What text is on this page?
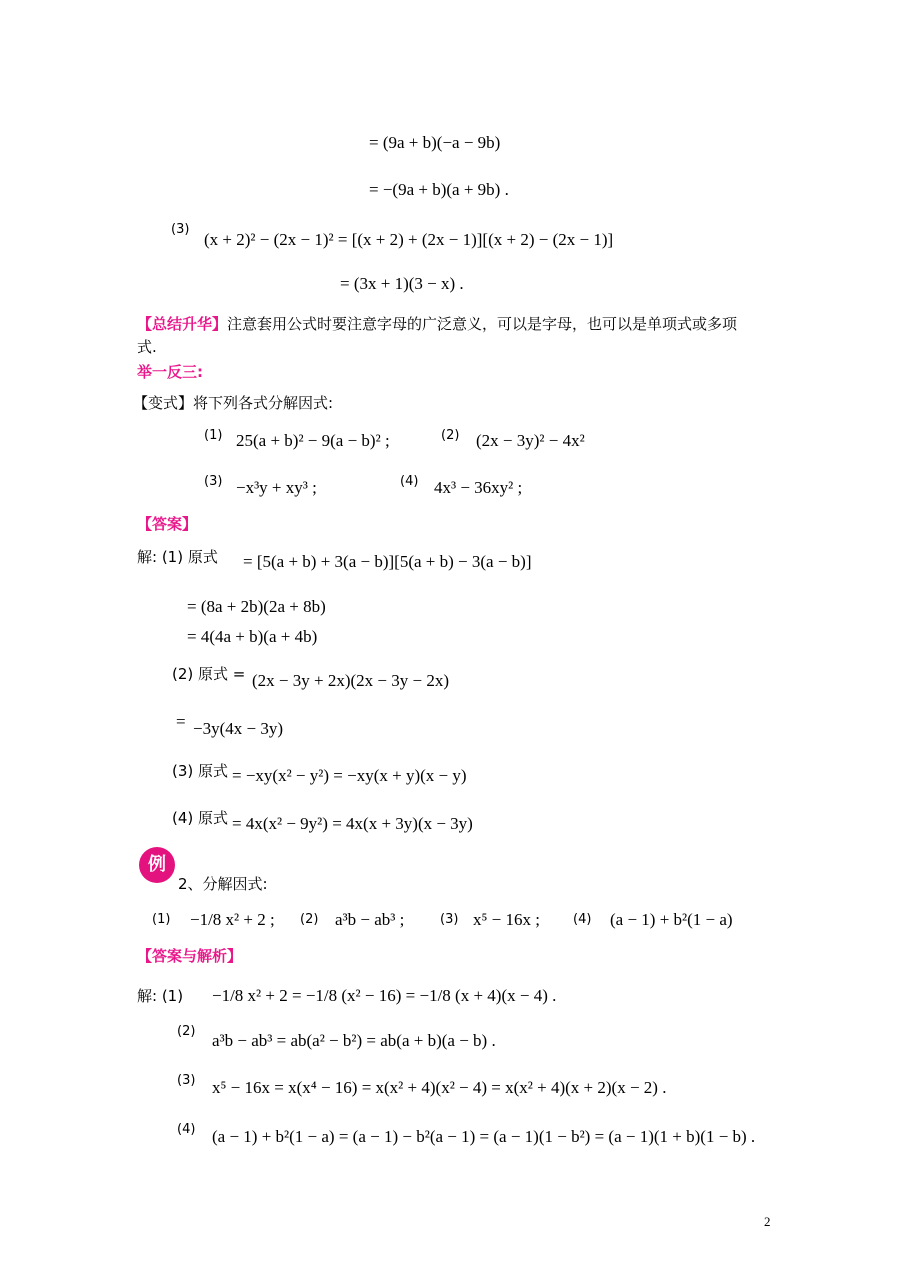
= (9a + b)(−a − 9b)
= −(9a + b)(a + 9b) .
(3)
(x + 2)² − (2x − 1)² = [(x + 2) + (2x − 1)][(x + 2) − (2x − 1)]
= (3x + 1)(3 − x) .
【总结升华】注意套用公式时要注意字母的广泛意义，可以是字母，也可以是单项式或多项
式.
举一反三:
【变式】将下列各式分解因式:
(1) 25(a + b)² − 9(a − b)² ;	(2) (2x − 3y)² − 4x²
(3) −x³y + xy³ ;	(4) 4x³ − 36xy² ;
【答案】
解: (1) 原式 = [5(a + b) + 3(a − b)][5(a + b) − 3(a − b)]
= (8a + 2b)(2a + 8b)
= 4(4a + b)(a + 4b)
(2) 原式 = (2x − 3y + 2x)(2x − 3y − 2x)
= −3y(4x − 3y)
(3) 原式 = −xy(x² − y²) = −xy(x + y)(x − y)
(4) 原式 = 4x(x² − 9y²) = 4x(x + 3y)(x − 3y)
例
2、分解因式:
(1) −1/8 x² + 2 ; (2) a³b − ab³ ;	(3) x⁵ − 16x ;	(4) (a − 1) + b²(1 − a)
【答案与解析】
解: (1) −1/8 x² + 2 = −1/8 (x² − 16) = −1/8 (x + 4)(x − 4) .
(2) a³b − ab³ = ab(a² − b²) = ab(a + b)(a − b) .
(3) x⁵ − 16x = x(x⁴ − 16) = x(x² + 4)(x² − 4) = x(x² + 4)(x + 2)(x − 2) .
(4) (a − 1) + b²(1 − a) = (a − 1) − b²(a − 1) = (a − 1)(1 − b²) = (a − 1)(1 + b)(1 − b) .
2
